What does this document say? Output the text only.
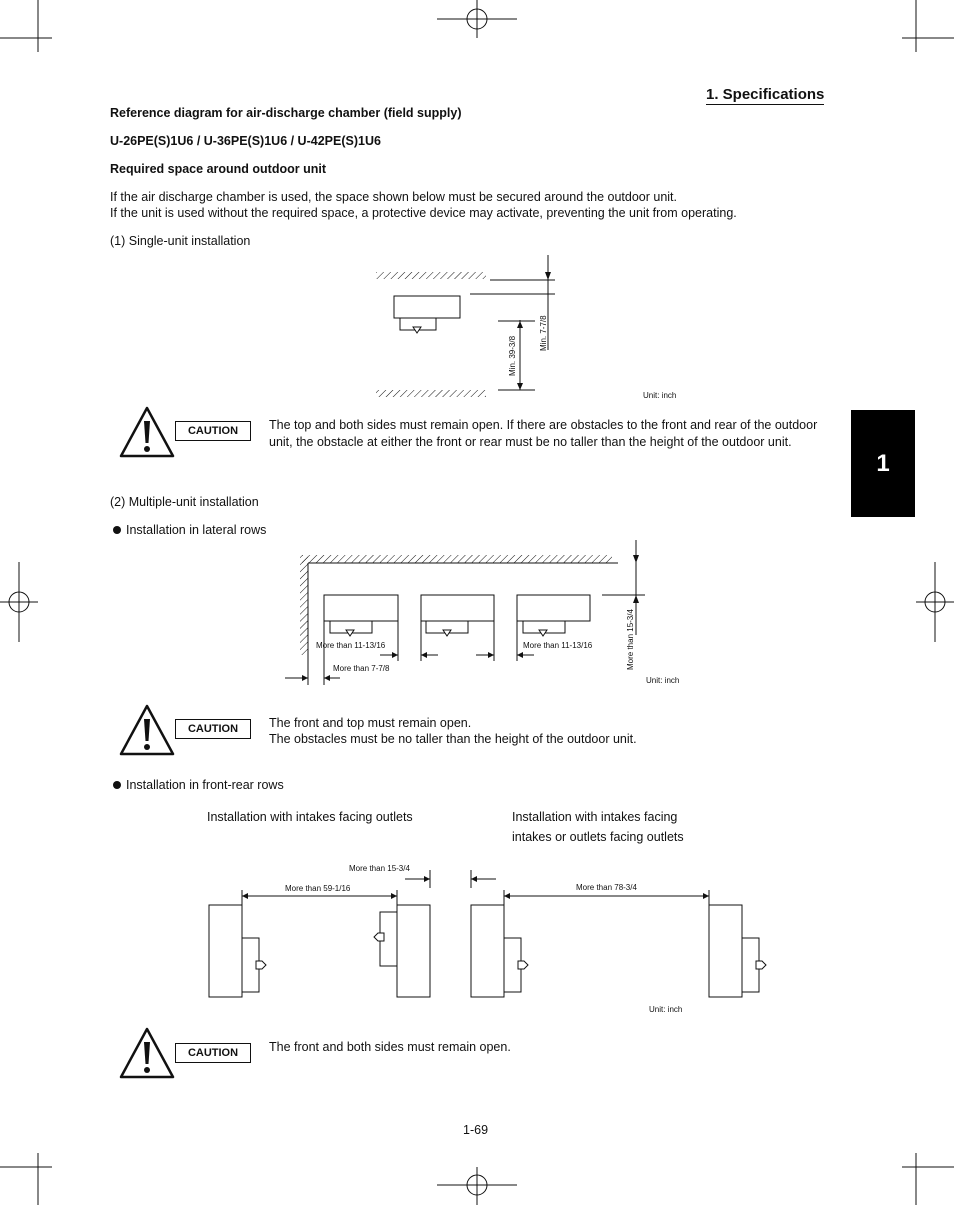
1. Specifications
1
Reference diagram for air-discharge chamber (field supply)
U-26PE(S)1U6 / U-36PE(S)1U6 / U-42PE(S)1U6
Required space around outdoor unit
If the air discharge chamber is used, the space shown below must be secured around the outdoor unit.
If the unit is used without the required space, a protective device may activate, preventing the unit from operating.
(1) Single-unit installation
Min. 7-7/8
Min. 39-3/8
Unit: inch
CAUTION	The top and both sides must remain open. If there are obstacles to the front and rear of the outdoor unit, the obstacle at either the front or rear must be no taller than the height of the outdoor unit.
(2) Multiple-unit installation
Installation in lateral rows
More than 11-13/16	More than 11-13/16
More than 7-7/8	More than 15-3/4
Unit: inch
CAUTION	The front and top must remain open.
The obstacles must be no taller than the height of the outdoor unit.
Installation in front-rear rows
Installation with intakes facing outlets	Installation with intakes facing
intakes or outlets facing outlets
More than 15-3/4
More than 59-1/16	More than 78-3/4
Unit: inch
CAUTION	The front and both sides must remain open.
1-69
